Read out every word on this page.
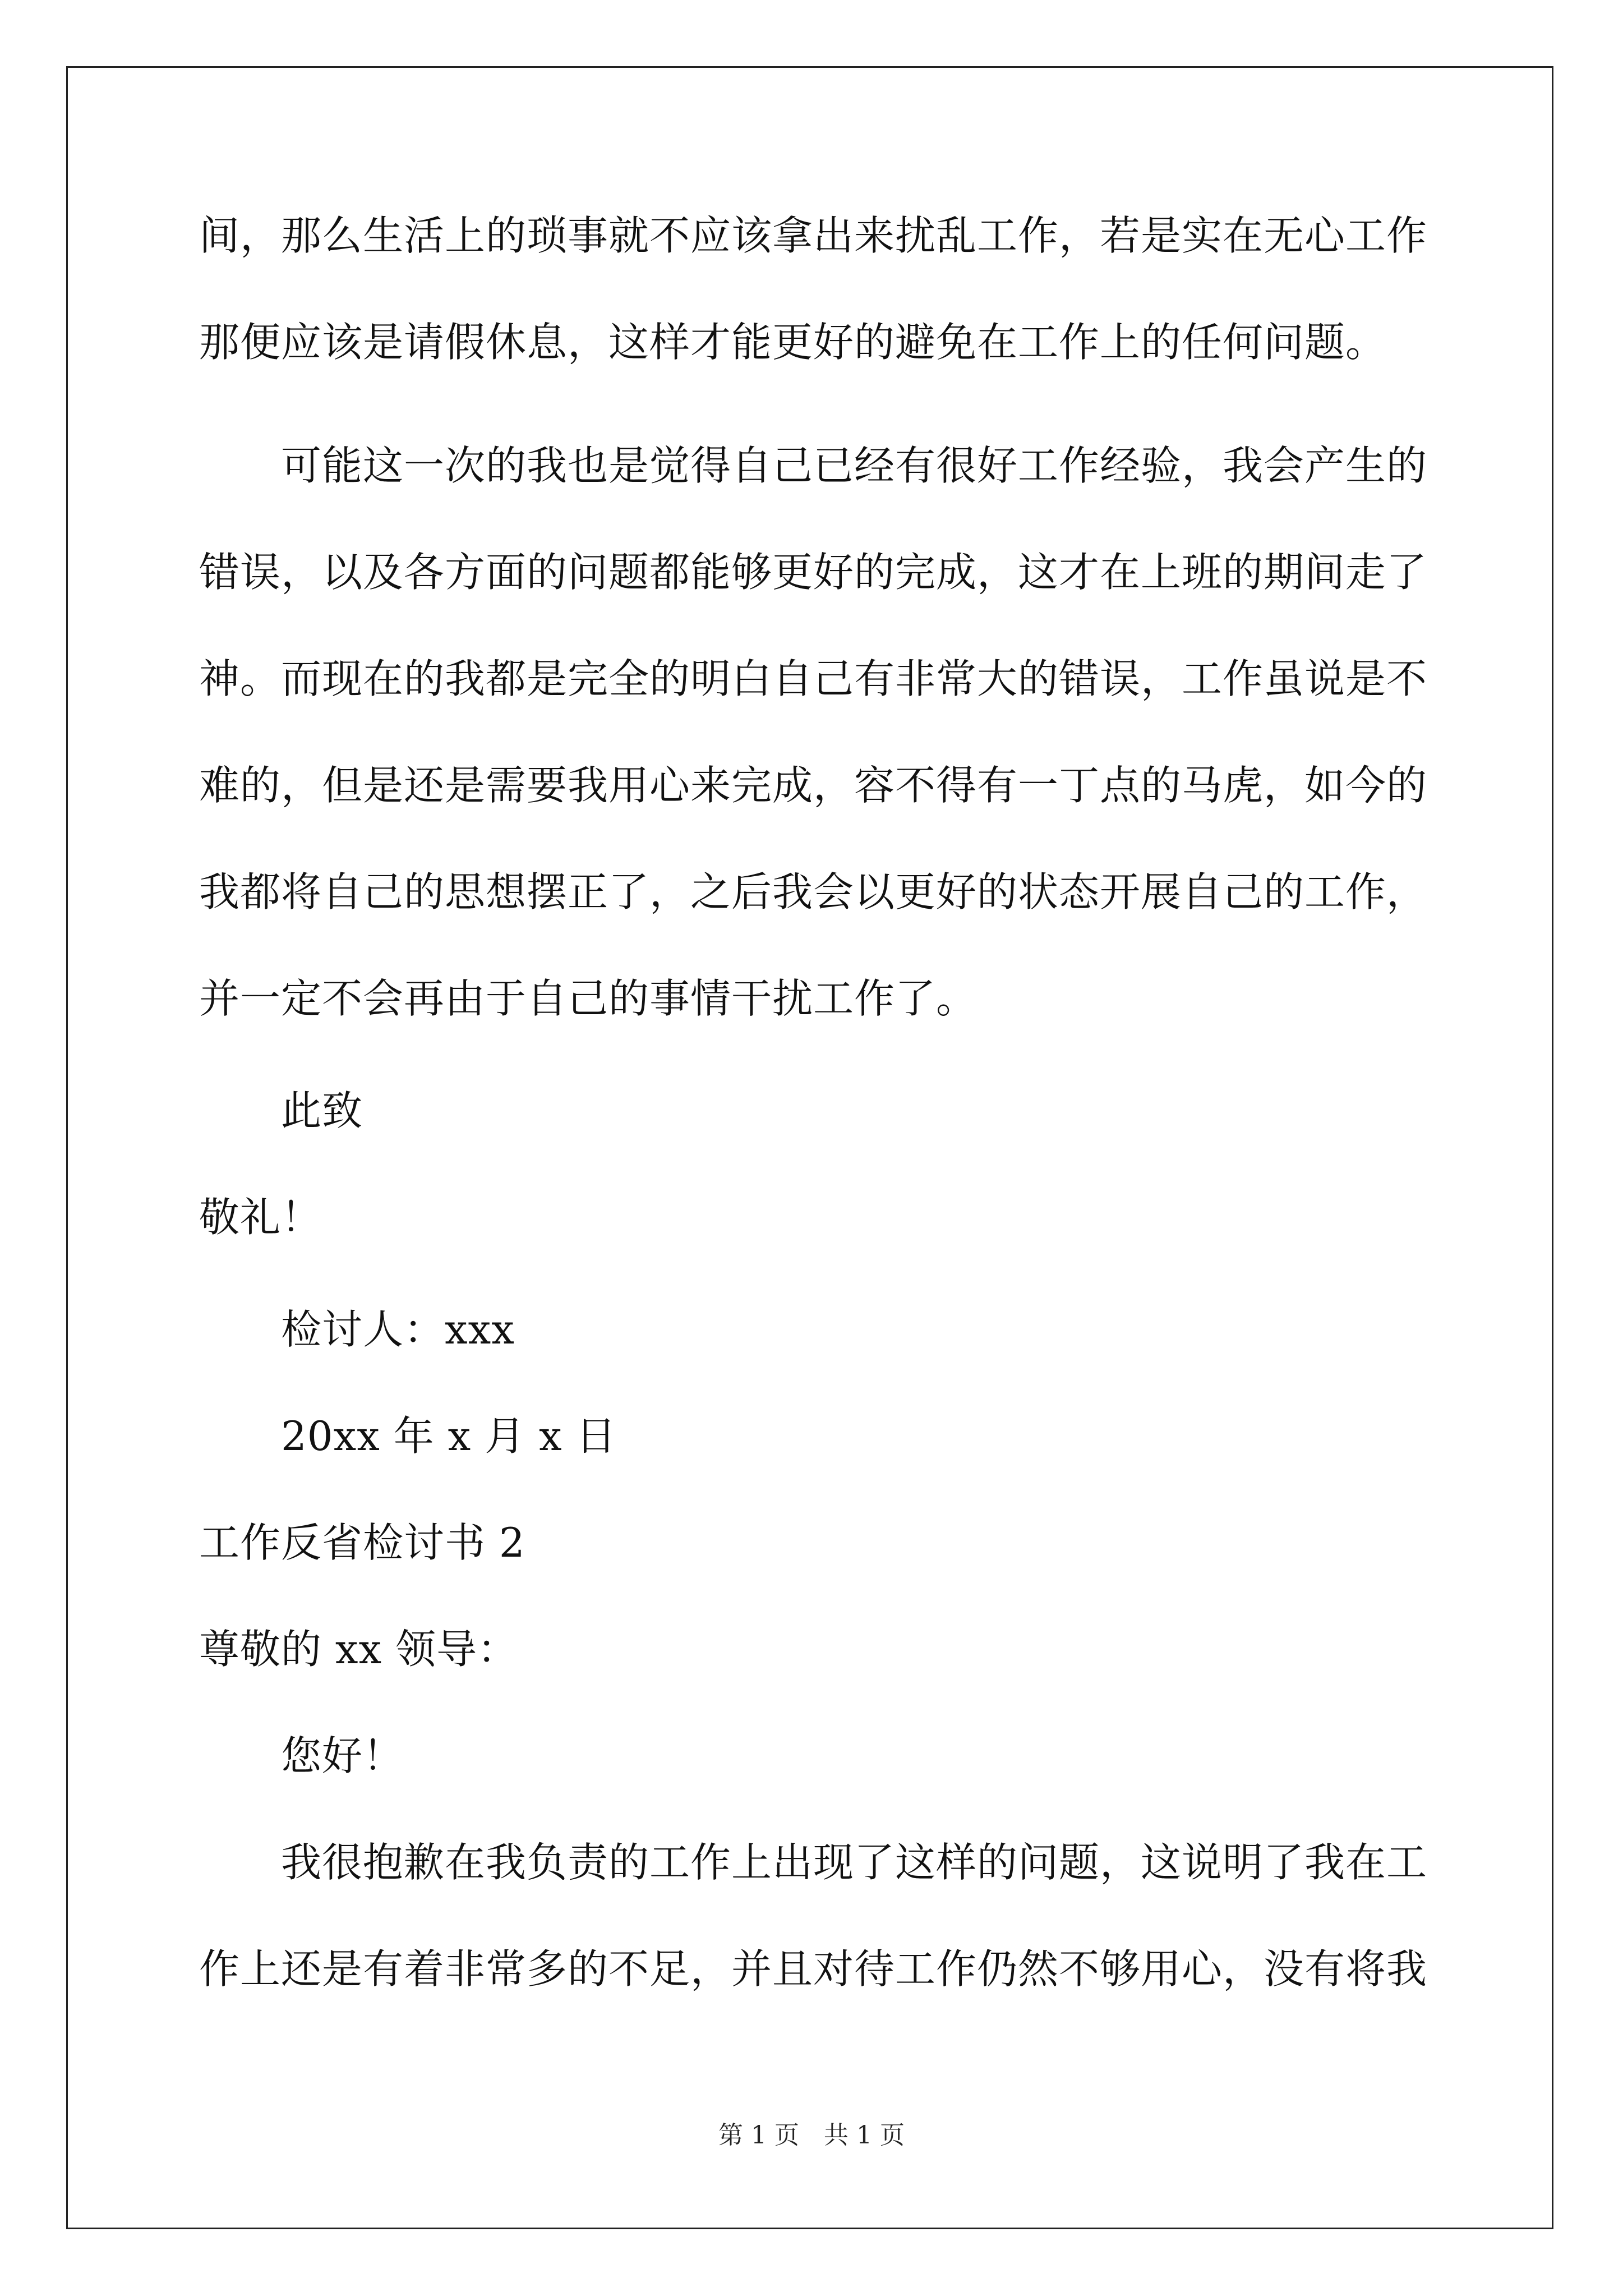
间，那么生活上的琐事就不应该拿出来扰乱工作，若是实在无心工作
那便应该是请假休息，这样才能更好的避免在工作上的任何问题。
可能这一次的我也是觉得自己已经有很好工作经验，我会产生的
错误，以及各方面的问题都能够更好的完成，这才在上班的期间走了
神。而现在的我都是完全的明白自己有非常大的错误，工作虽说是不
难的，但是还是需要我用心来完成，容不得有一丁点的马虎，如今的
我都将自己的思想摆正了，之后我会以更好的状态开展自己的工作，
并一定不会再由于自己的事情干扰工作了。
此致
敬礼！
检讨人：xxx
20xx 年 x 月 x 日
工作反省检讨书 2
尊敬的 xx 领导：
您好！
我很抱歉在我负责的工作上出现了这样的问题，这说明了我在工
作上还是有着非常多的不足，并且对待工作仍然不够用心，没有将我
第 1 页　共 1 页
